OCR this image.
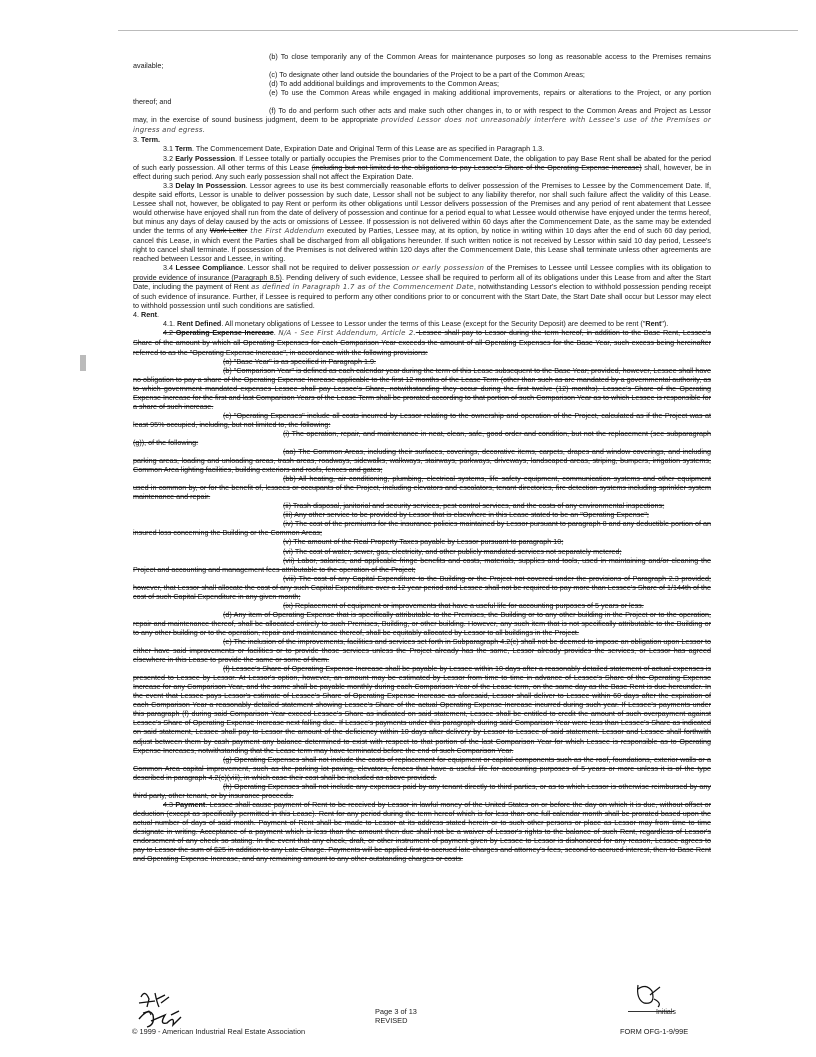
(b) To close temporarily any of the Common Areas for maintenance purposes so long as reasonable access to the Premises remains available;

(c) To designate other land outside the boundaries of the Project to be a part of the Common Areas;

(d) To add additional buildings and improvements to the Common Areas;

(e) To use the Common Areas while engaged in making additional improvements, repairs or alterations to the Project, or any portion thereof; and

(f) To do and perform such other acts and make such other changes in, to or with respect to the Common Areas and Project as Lessor may, in the exercise of sound business judgment, deem to be appropriate provided Lessor does not unreasonably interfere with Lessee's use of the Premises or ingress and egress.

3. Term.

3.1 Term. The Commencement Date, Expiration Date and Original Term of this Lease are as specified in Paragraph 1.3.

3.2 Early Possession. If Lessee totally or partially occupies the Premises prior to the Commencement Date, the obligation to pay Base Rent shall be abated for the period of such early possession. All other terms of this Lease (including but not limited to the obligations to pay Lessee's Share of the Operating Expense Increase) shall, however, be in effect during such period. Any such early possession shall not affect the Expiration Date.

3.3 Delay In Possession. Lessor agrees to use its best commercially reasonable efforts to deliver possession of the Premises to Lessee by the Commencement Date. If, despite said efforts, Lessor is unable to deliver possession by such date, Lessor shall not be subject to any liability therefor, nor shall such failure affect the validity of this Lease. Lessee shall not, however, be obligated to pay Rent or perform its other obligations until Lessor delivers possession of the Premises and any period of rent abatement that Lessee would otherwise have enjoyed shall run from the date of delivery of possession and continue for a period equal to what Lessee would otherwise have enjoyed under the terms hereof, but minus any days of delay caused by the acts or omissions of Lessee. If possession is not delivered within 60 days after the Commencement Date, as the same may be extended under the terms of any Work Letter the First Addendum executed by Parties, Lessee may, at its option, by notice in writing within 10 days after the end of such 60 day period, cancel this Lease, in which event the Parties shall be discharged from all obligations hereunder. If such written notice is not received by Lessor within said 10 day period, Lessee's right to cancel shall terminate. If possession of the Premises is not delivered within 120 days after the Commencement Date, this Lease shall terminate unless other agreements are reached between Lessor and Lessee, in writing.

3.4 Lessee Compliance. Lessor shall not be required to deliver possession or early possession of the Premises to Lessee until Lessee complies with its obligation to provide evidence of insurance (Paragraph 8.5). Pending delivery of such evidence, Lessee shall be required to perform all of its obligations under this Lease from and after the Start Date, including the payment of Rent as defined in Paragraph 1.7 as of the Commencement Date, notwithstanding Lessor's election to withhold possession pending receipt of such evidence of insurance. Further, if Lessee is required to perform any other conditions prior to or concurrent with the Start Date, the Start Date shall occur but Lessor may elect to withhold possession until such conditions are satisfied.

4. Rent.

4.1. Rent Defined. All monetary obligations of Lessee to Lessor under the terms of this Lease (except for the Security Deposit) are deemed to be rent ("Rent").

4.2 Operating Expense Increase. N/A - See First Addendum, Article 2. Lessee shall pay to Lessor during the term hereof, in addition to the Base Rent, Lessee's Share of the amount by which all Operating Expenses for each Comparison Year exceeds the amount of all Operating Expenses for the Base Year, such excess being hereinafter referred to as the "Operating Expense Increase", in accordance with the following provisions:

(a) "Base Year" is as specified in Paragraph 1.9.

(b) "Comparison Year" is defined as each calendar year during the term of this Lease subsequent to the Base Year; provided, however, Lessee shall have no obligation to pay a share of the Operating Expense Increase applicable to the first 12 months of the Lease Term (other than such as are mandated by a governmental authority, as to which government mandated expenses Lessee shall pay Lessee's Share, notwithstanding they occur during the first twelve (12) months). Lessee's Share of the Operating Expense Increase for the first and last Comparison Years of the Lease Term shall be prorated according to that portion of such Comparison Year as to which Lessee is responsible for a share of such increase.

(c) "Operating Expenses" include all costs incurred by Lessor relating to the ownership and operation of the Project, calculated as if the Project was at least 95% occupied, including, but not limited to, the following:

(i) The operation, repair, and maintenance in neat, clean, safe, good order and condition, but not the replacement (see subparagraph (g)), of the following:

(aa) The Common Areas, including their surfaces, coverings, decorative items, carpets, drapes and window coverings, and including parking areas, loading and unloading areas, trash areas, roadways, sidewalks, walkways, stairways, parkways, driveways, landscaped areas, striping, bumpers, irrigation systems, Common Area lighting facilities, building exteriors and roofs, fences and gates;

(bb) All heating, air conditioning, plumbing, electrical systems, life safety equipment, communication systems and other equipment used in common by, or for the benefit of, lessees or occupants of the Project, including elevators and escalators, tenant directories, fire detection systems including sprinkler system maintenance and repair.

(ii) Trash disposal, janitorial and security services, pest control services, and the costs of any environmental inspections;

(iii) Any other service to be provided by Lessor that is elsewhere in this Lease stated to be an "Operating Expense";

(iv) The cost of the premiums for the insurance policies maintained by Lessor pursuant to paragraph 8 and any deductible portion of an insured loss concerning the Building or the Common Areas;

(v) The amount of the Real Property Taxes payable by Lessor pursuant to paragraph 10;

(vi) The cost of water, sewer, gas, electricity, and other publicly mandated services not separately metered;

(vii) Labor, salaries, and applicable fringe benefits and costs, materials, supplies and tools, used in maintaining and/or cleaning the Project and accounting and management fees attributable to the operation of the Project;

(viii) The cost of any Capital Expenditure to the Building or the Project not covered under the provisions of Paragraph 2.3 provided; however, that Lessor shall allocate the cost of any such Capital Expenditure over a 12 year period and Lessee shall not be required to pay more than Lessee's Share of 1/144th of the cost of such Capital Expenditure in any given month;

(ix) Replacement of equipment or improvements that have a useful life for accounting purposes of 5 years or less.

(d) Any item of Operating Expense that is specifically attributable to the Premises, the Building or to any other building in the Project or to the operation, repair and maintenance thereof, shall be allocated entirely to such Premises, Building, or other building. However, any such item that is not specifically attributable to the Building or to any other building or to the operation, repair and maintenance thereof, shall be equitably allocated by Lessor to all buildings in the Project.

(e) The inclusion of the improvements, facilities and services set forth in Subparagraph 4.2(c) shall not be deemed to impose an obligation upon Lessor to either have said improvements or facilities or to provide those services unless the Project already has the same, Lessor already provides the services, or Lessor has agreed elsewhere in this Lease to provide the same or some of them.

(f) Lessee's Share of Operating Expense Increase shall be payable by Lessee within 10 days after a reasonably detailed statement of actual expenses is presented to Lessee by Lessor. At Lessor's option, however, an amount may be estimated by Lessor from time to time in advance of Lessee's Share of the Operating Expense Increase for any Comparison Year, and the same shall be payable monthly during each Comparison Year of the Lease term, on the same day as the Base Rent is due hereunder. In the event that Lessee pays Lessor's estimate of Lessee's Share of Operating Expense Increase as aforesaid, Lessor shall deliver to Lessee within 60 days after the expiration of each Comparison Year a reasonably detailed statement showing Lessee's Share of the actual Operating Expense Increase incurred during such year. If Lessee's payments under this paragraph (f) during said Comparison Year exceed Lessee's Share as indicated on said statement, Lessee shall be entitled to credit the amount of such overpayment against Lessee's Share of Operating Expense Increase next falling due. If Lessee's payments under this paragraph during said Comparison Year were less than Lessee's Share as indicated on said statement, Lessee shall pay to Lessor the amount of the deficiency within 10 days after delivery by Lessor to Lessee of said statement. Lessor and Lessee shall forthwith adjust between them by cash payment any balance determined to exist with respect to that portion of the last Comparison Year for which Lessee is responsible as to Operating Expense Increases, notwithstanding that the Lease term may have terminated before the end of such Comparison Year.

(g) Operating Expenses shall not include the costs of replacement for equipment or capital components such as the roof, foundations, exterior walls or a Common Area capital improvement, such as the parking lot paving, elevators, fences that have a useful life for accounting purposes of 5 years or more unless it is of the type described in paragraph 4.2(c)(viii), in which case their cost shall be included as above provided.

(h) Operating Expenses shall not include any expenses paid by any tenant directly to third parties, or as to which Lessor is otherwise reimbursed by any third party, other tenant, or by insurance proceeds.

4.3 Payment. Lessee shall cause payment of Rent to be received by Lessor in lawful money of the United States on or before the day on which it is due, without offset or deduction (except as specifically permitted in this Lease). Rent for any period during the term hereof which is for less than one full calendar month shall be prorated based upon the actual number of days of said month. Payment of Rent shall be made to Lessor at its address stated herein or to such other persons or place as Lessor may from time to time designate in writing. Acceptance of a payment which is less than the amount then due shall not be a waiver of Lessor's rights to the balance of such Rent, regardless of Lessor's endorsement of any check so stating. In the event that any check, draft, or other instrument of payment given by Lessee to Lessor is dishonored for any reason, Lessee agrees to pay to Lessor the sum of $25 in addition to any Late Charge. Payments will be applied first to accrued late charges and attorney's fees, second to accrued interest, then to Base Rent and Operating Expense Increase, and any remaining amount to any other outstanding charges or costs.

Page 3 of 13
REVISED
© 1999 - American Industrial Real Estate Association
Initials
FORM OFG-1-9/99E
